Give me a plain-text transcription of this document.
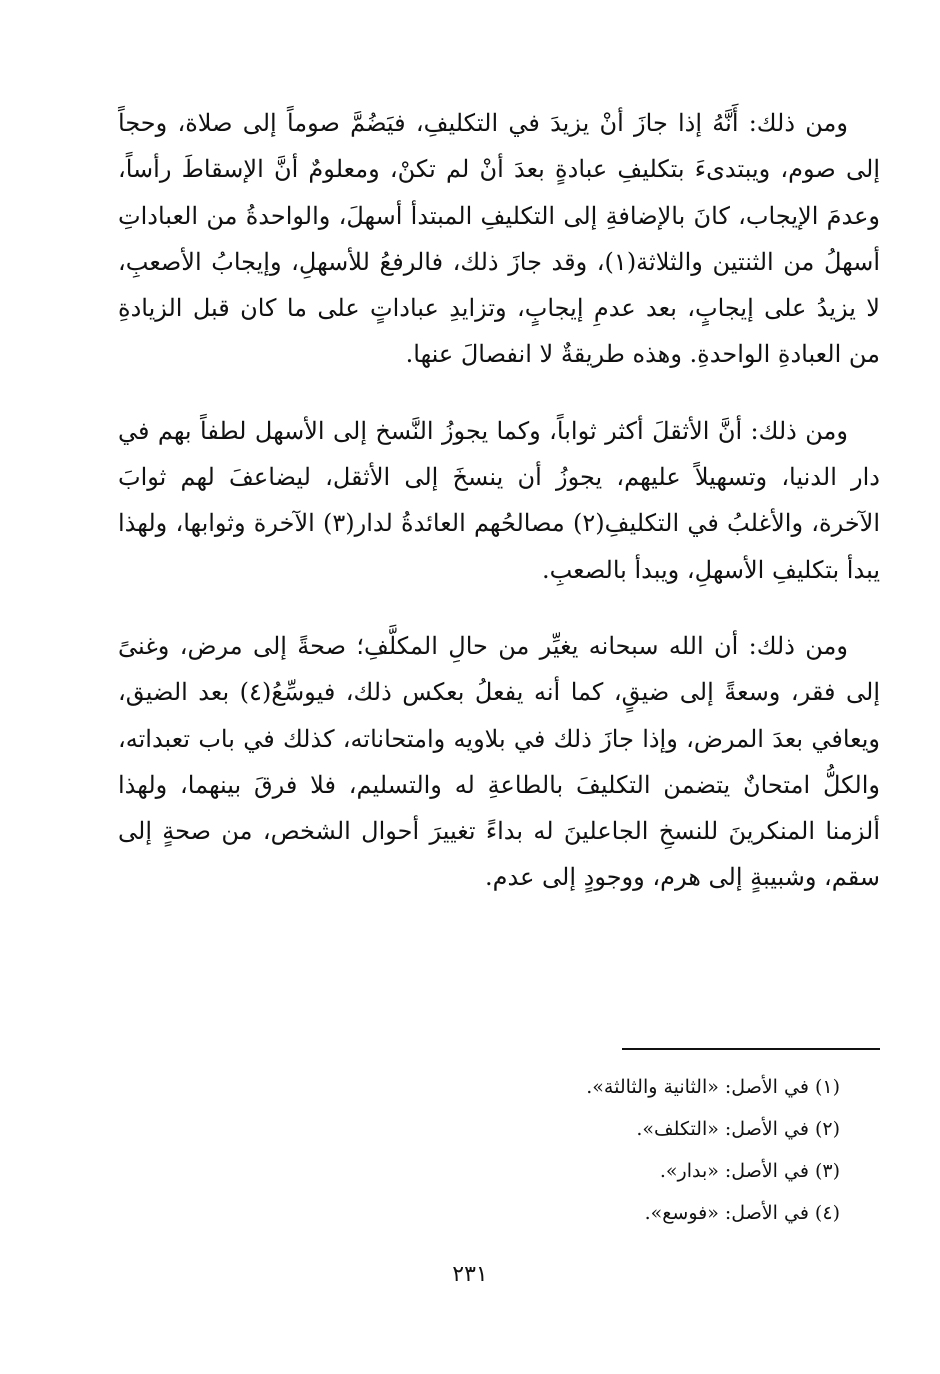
ومن ذلك: أَنَّهُ إذا جازَ أنْ يزيدَ في التكليفِ، فيَضُمَّ صوماً إلى صلاة، وحجاً إلى صوم، ويبتدىءَ بتكليفِ عبادةٍ بعدَ أنْ لم تكنْ، ومعلومٌ أنَّ الإسقاطَ رأساً، وعدمَ الإيجاب، كانَ بالإضافةِ إلى التكليفِ المبتدأ أسهلَ، والواحدةُ من العباداتِ أسهلُ من الثنتين والثلاثة(١)، وقد جازَ ذلك، فالرفعُ للأسهلِ، وإيجابُ الأصعبِ، لا يزيدُ على إيجابٍ، بعد عدمِ إيجابٍ، وتزايدِ عباداتٍ على ما كان قبل الزيادةِ من العبادةِ الواحدةِ. وهذه طريقةٌ لا انفصالَ عنها.

ومن ذلك: أنَّ الأثقلَ أكثر ثواباً، وكما يجوزُ النَّسخ إلى الأسهل لطفاً بهم في دار الدنيا، وتسهيلاً عليهم، يجوزُ أن ينسخَ إلى الأثقل، ليضاعفَ لهم ثوابَ الآخرة، والأغلبُ في التكليفِ(٢) مصالحُهم العائدةُ لدار(٣) الآخرة وثوابها، ولهذا يبدأ بتكليفِ الأسهلِ، ويبدأ بالصعبِ.

ومن ذلك: أن الله سبحانه يغيِّر من حالِ المكلَّفِ؛ صحةً إلى مرض، وغنىً إلى فقر، وسعةً إلى ضيقٍ، كما أنه يفعلُ بعكس ذلك، فيوسِّعُ(٤) بعد الضيق، ويعافي بعدَ المرض، وإذا جازَ ذلك في بلاويه وامتحاناته، كذلك في باب تعبداته، والكلُّ امتحانٌ يتضمن التكليفَ بالطاعةِ له والتسليم، فلا فرقَ بينهما، ولهذا ألزمنا المنكرينَ للنسخِ الجاعلينَ له بداءً تغييرَ أحوال الشخص، من صحةٍ إلى سقم، وشبيبةٍ إلى هرم، ووجودٍ إلى عدم.

(١) في الأصل: «الثانية والثالثة».

(٢) في الأصل: «التكلف».

(٣) في الأصل: «بدار».

(٤) في الأصل: «فوسع».

٢٣١
